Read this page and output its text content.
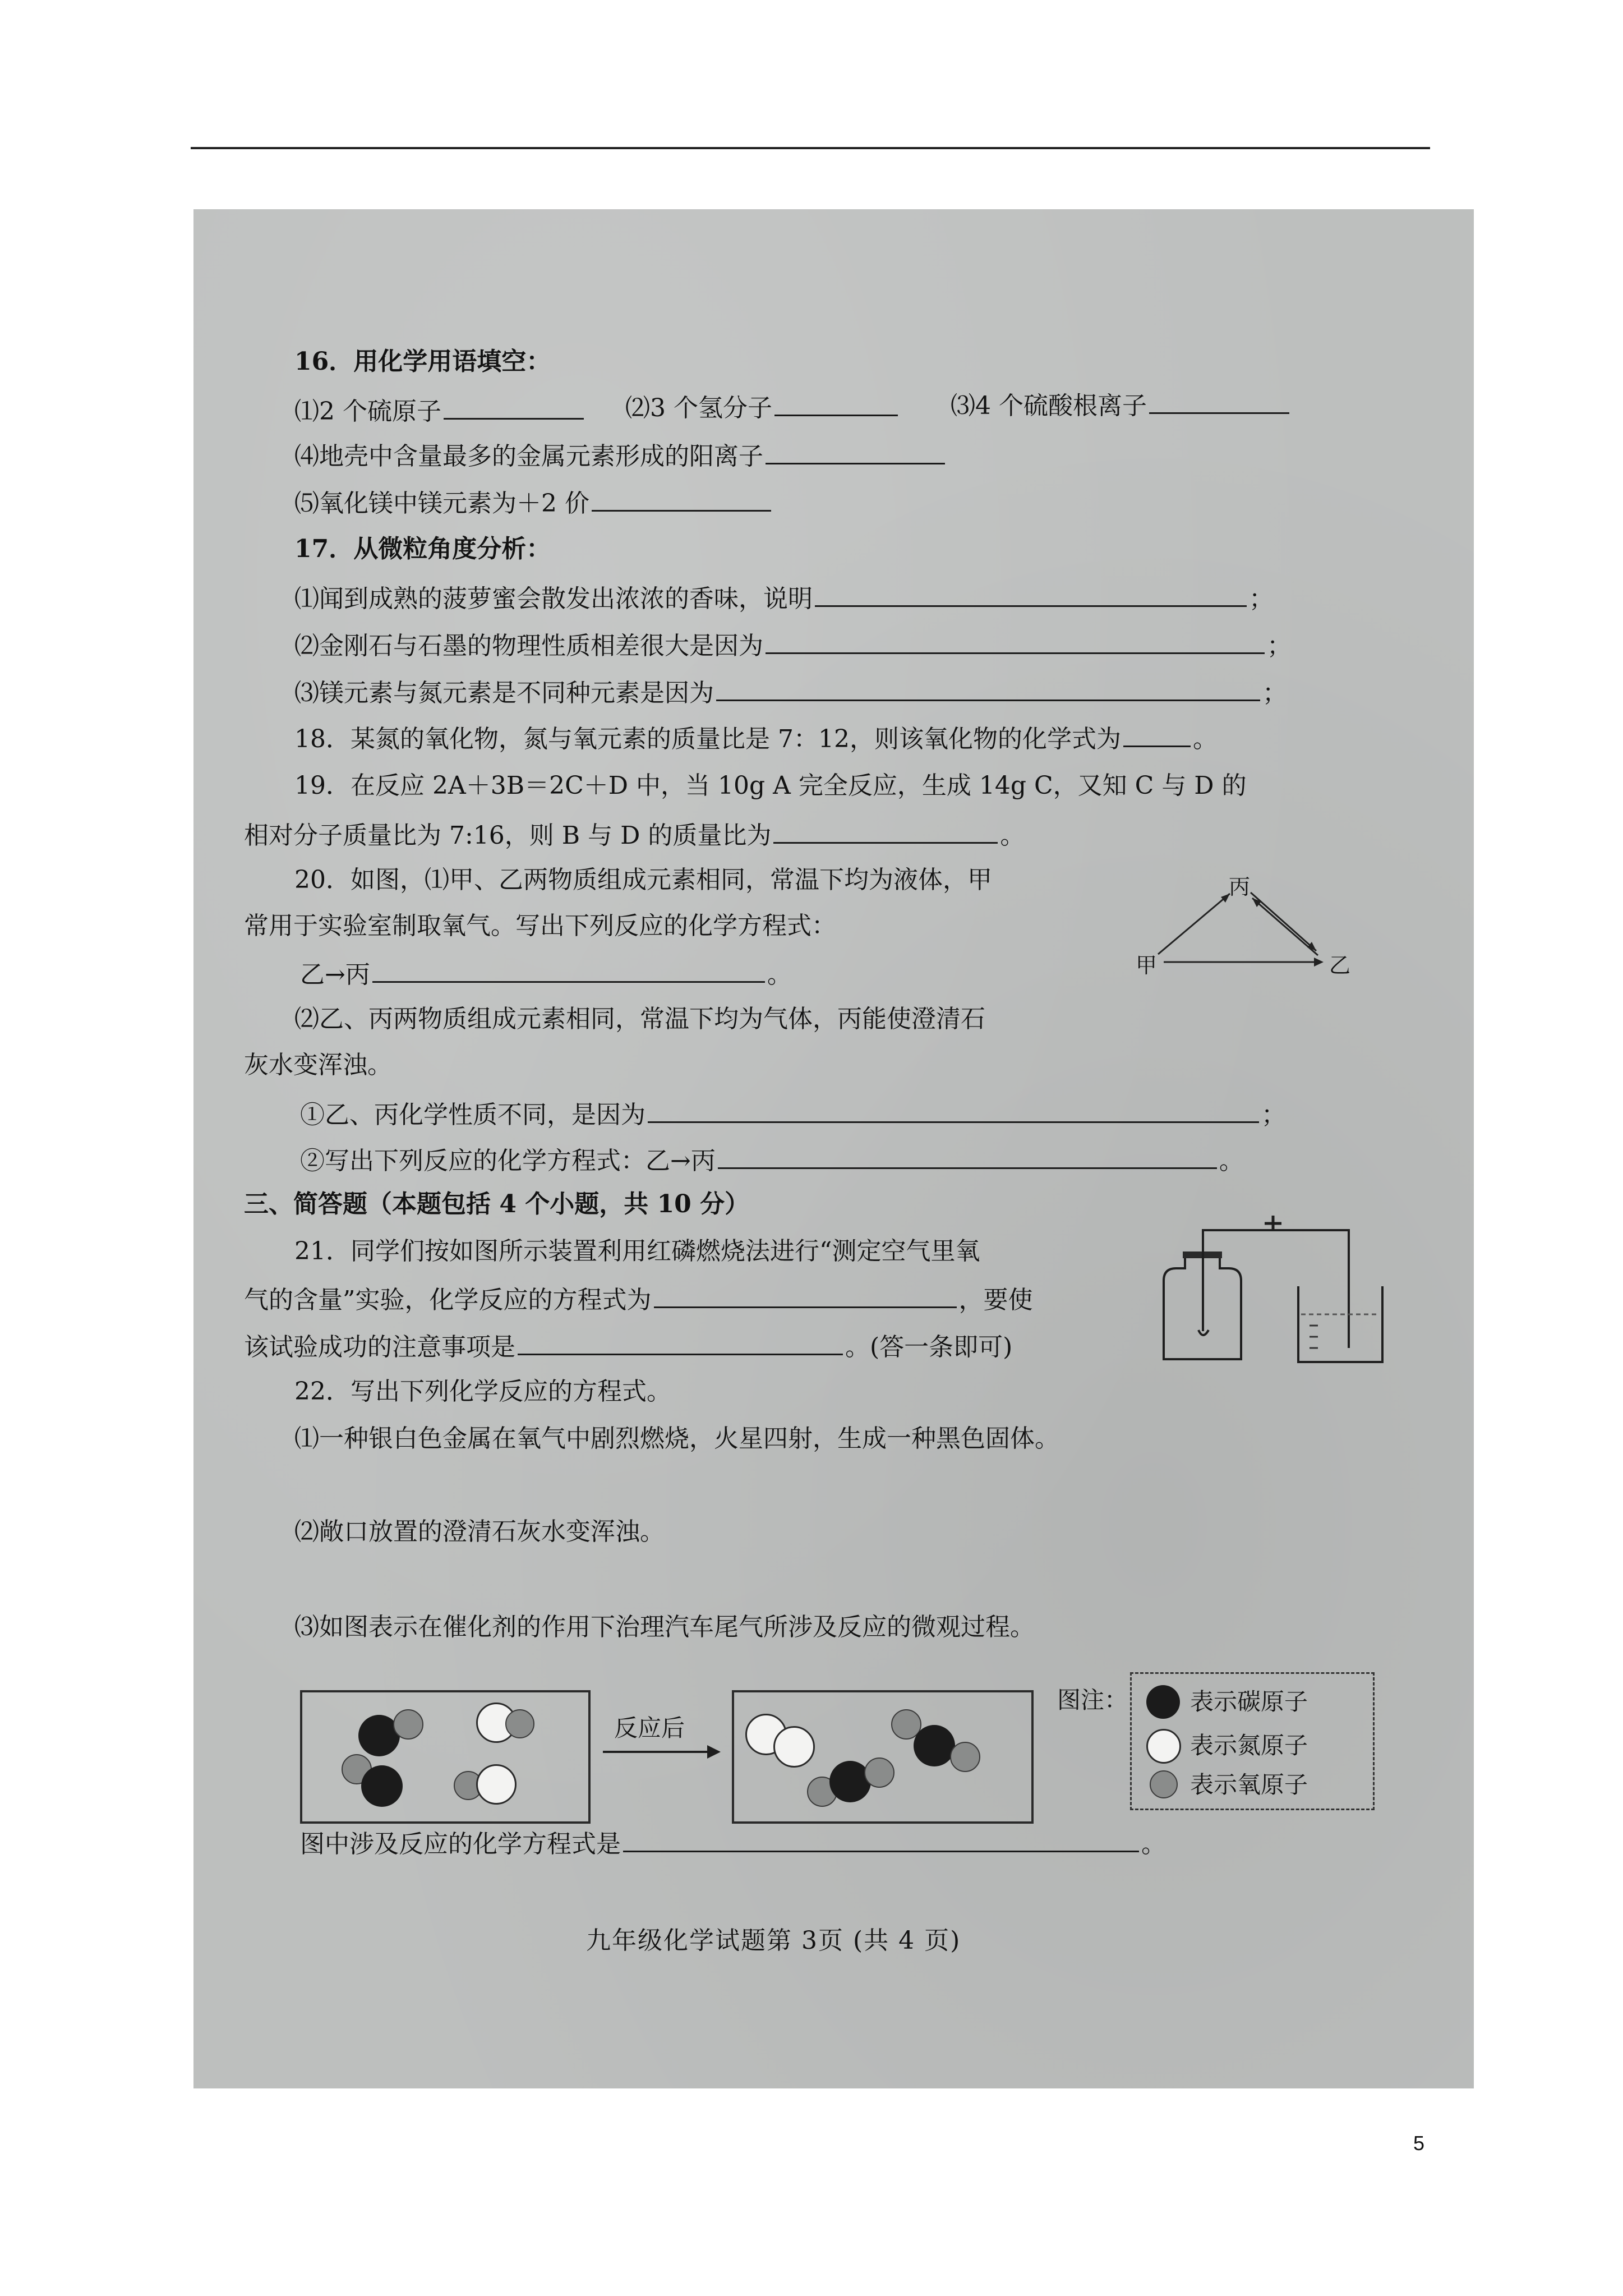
16．用化学用语填空：
⑴2 个硫原子	⑵3 个氢分子	⑶4 个硫酸根离子
⑷地壳中含量最多的金属元素形成的阳离子
⑸氧化镁中镁元素为＋2 价
17．从微粒角度分析：
⑴闻到成熟的菠萝蜜会散发出浓浓的香味，说明	；
⑵金刚石与石墨的物理性质相差很大是因为	；
⑶镁元素与氮元素是不同种元素是因为	；
18．某氮的氧化物，氮与氧元素的质量比是 7：12，则该氧化物的化学式为	。
19．在反应 2A＋3B＝2C＋D 中，当 10g A 完全反应，生成 14g C，又知 C 与 D 的
相对分子质量比为 7:16，则 B 与 D 的质量比为	。
20．如图，⑴甲、乙两物质组成元素相同，常温下均为液体，甲
常用于实验室制取氧气。写出下列反应的化学方程式：
乙→丙	。
⑵乙、丙两物质组成元素相同，常温下均为气体，丙能使澄清石
灰水变浑浊。
①乙、丙化学性质不同，是因为	；
②写出下列反应的化学方程式：乙→丙	。
甲
丙
乙
三、简答题（本题包括 4 个小题，共 10 分）
21．同学们按如图所示装置利用红磷燃烧法进行“测定空气里氧
气的含量”实验，化学反应的方程式为	，要使
该试验成功的注意事项是	。(答一条即可)
22．写出下列化学反应的方程式。
⑴一种银白色金属在氧气中剧烈燃烧，火星四射，生成一种黑色固体。
⑵敞口放置的澄清石灰水变浑浊。
⑶如图表示在催化剂的作用下治理汽车尾气所涉及反应的微观过程。
反应后
图注：	表示碳原子
表示氮原子
表示氧原子
图中涉及反应的化学方程式是	。
九年级化学试题第 3页 (共 4 页)
5
